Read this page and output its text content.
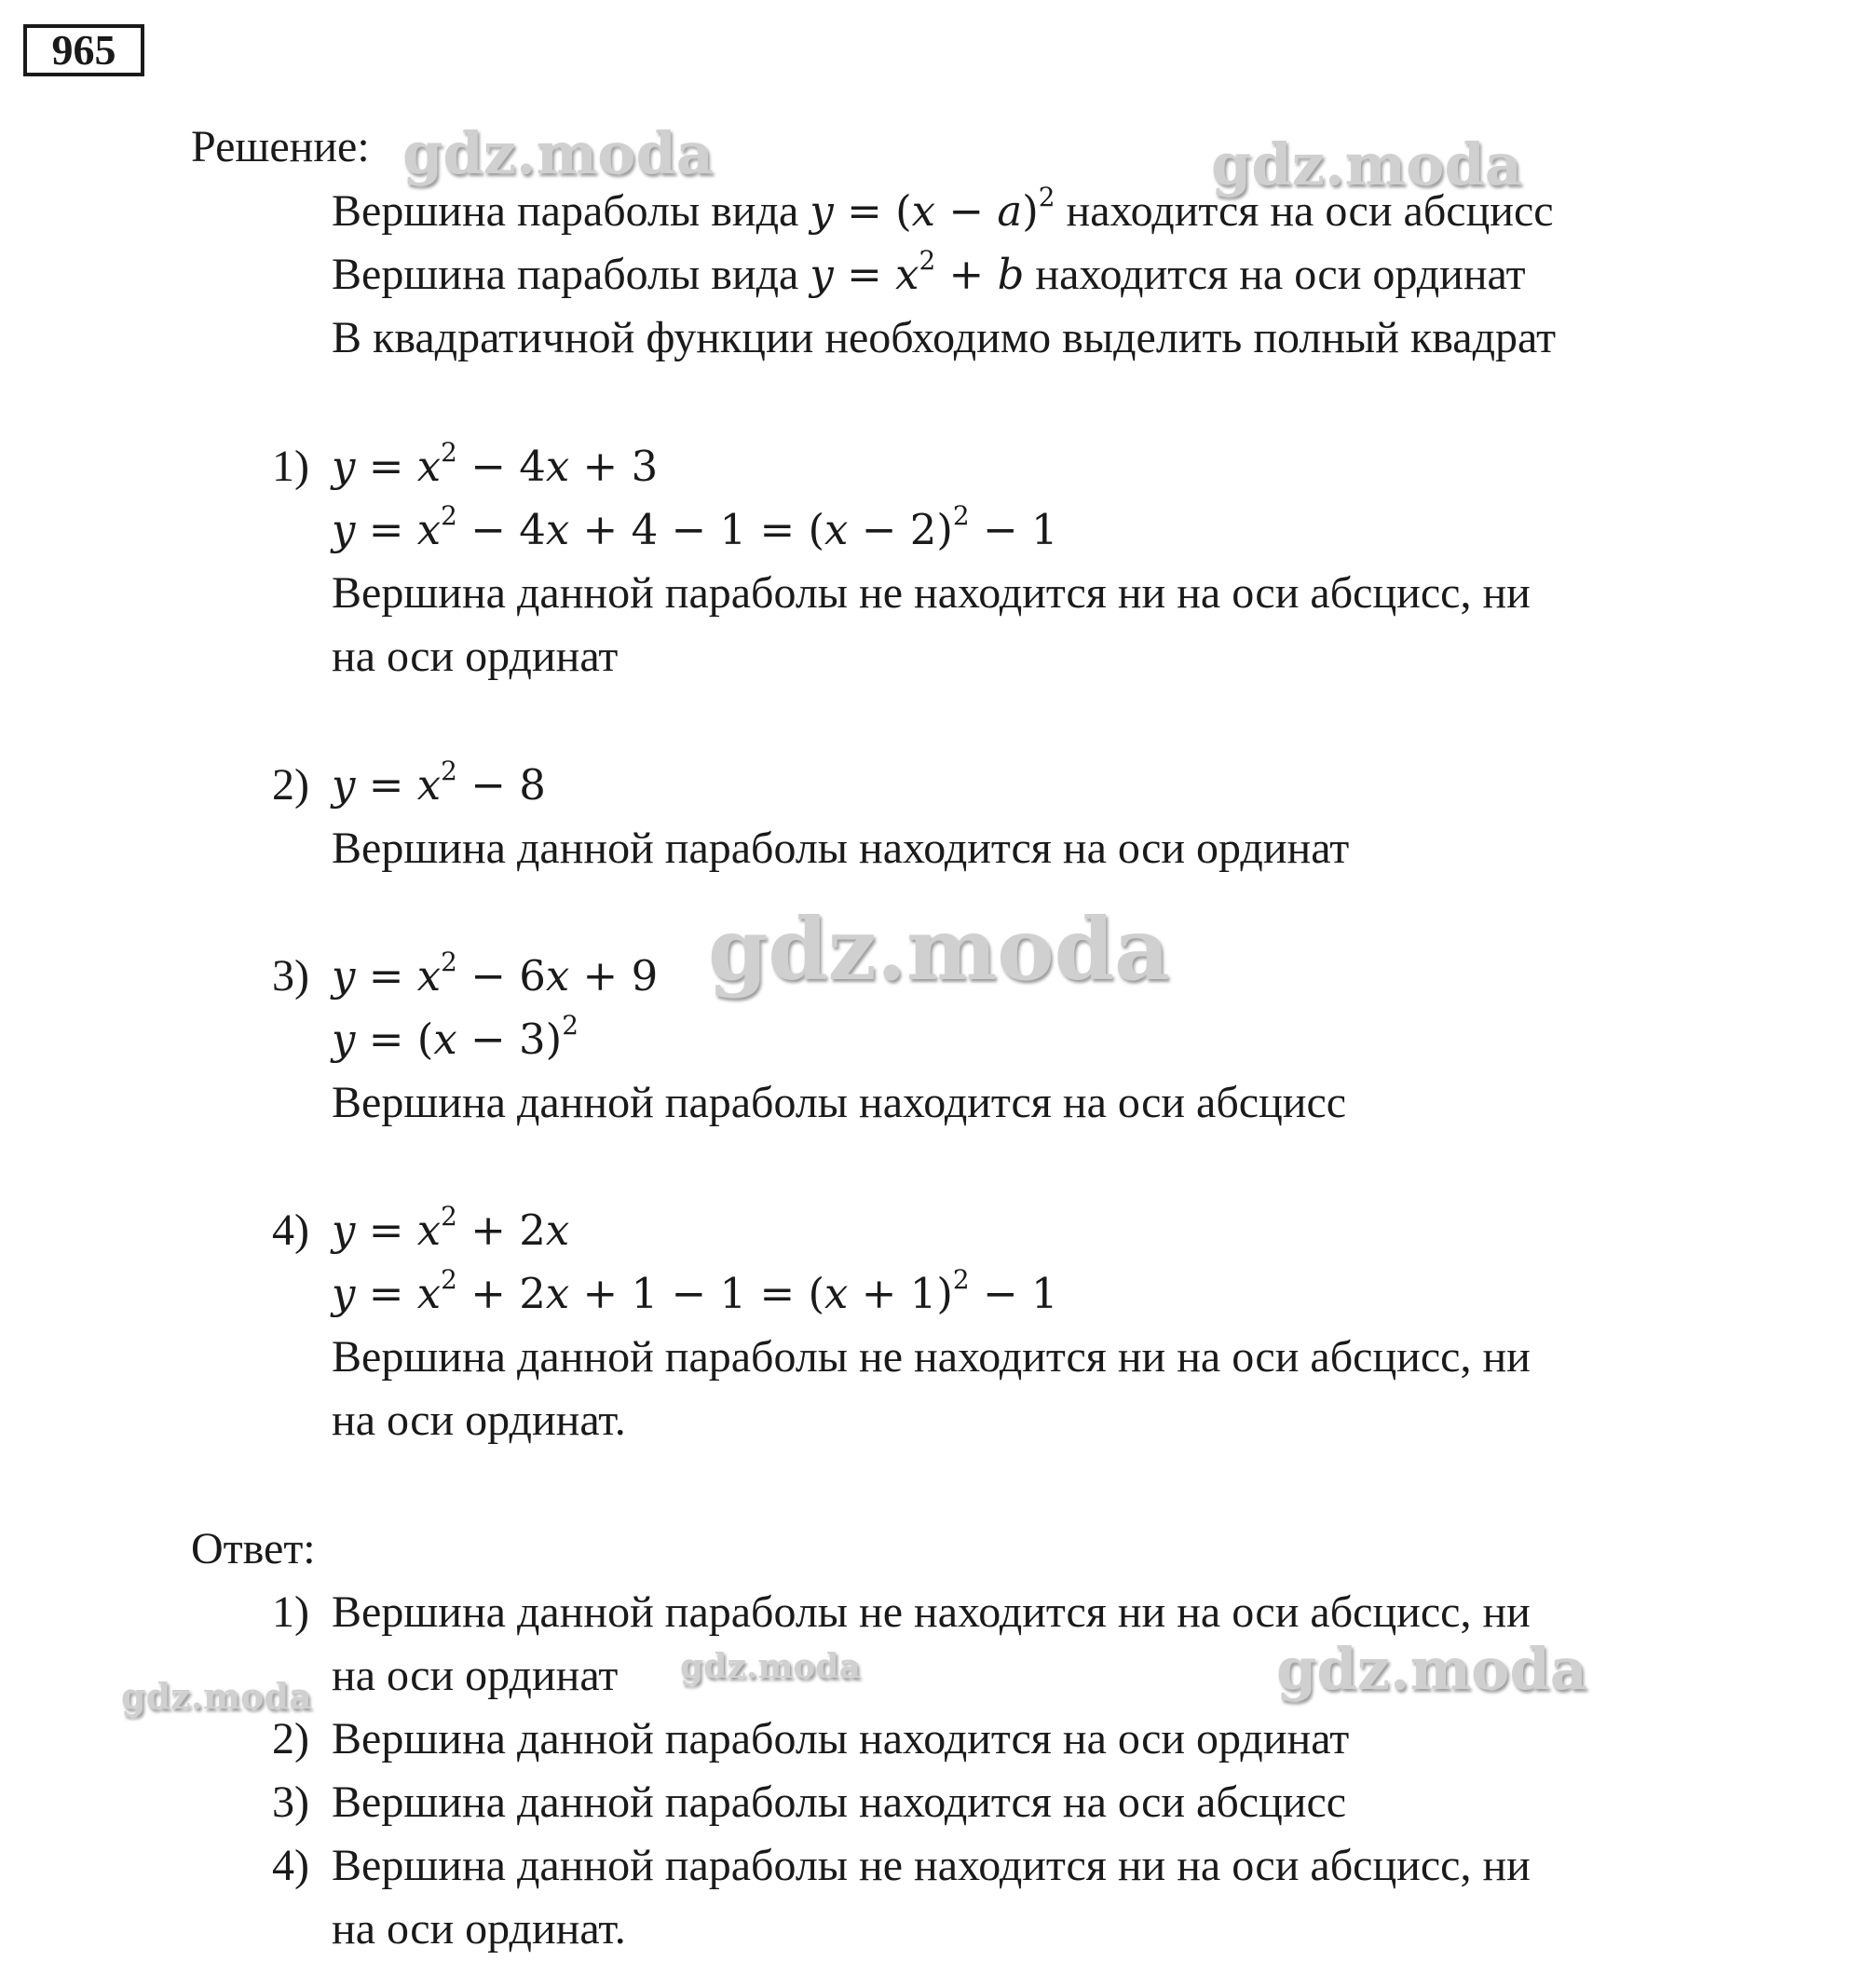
965
Решение:
Вершина параболы вида $y = (x - a)^2$ находится на оси абсцисс
Вершина параболы вида $y = x^2 + b$ находится на оси ординат
В квадратичной функции необходимо выделить полный квадрат
1) $y = x^2 - 4x + 3$
$y = x^2 - 4x + 4 - 1 = (x - 2)^2 - 1$
Вершина данной параболы не находится ни на оси абсцисс, ни
на оси ординат
2) $y = x^2 - 8$
Вершина данной параболы находится на оси ординат
3) $y = x^2 - 6x + 9$
$y = (x - 3)^2$
Вершина данной параболы находится на оси абсцисс
4) $y = x^2 + 2x$
$y = x^2 + 2x + 1 - 1 = (x + 1)^2 - 1$
Вершина данной параболы не находится ни на оси абсцисс, ни
на оси ординат.
Ответ:
1) Вершина данной параболы не находится ни на оси абсцисс, ни
на оси ординат
2) Вершина данной параболы находится на оси ординат
3) Вершина данной параболы находится на оси абсцисс
4) Вершина данной параболы не находится ни на оси абсцисс, ни
на оси ординат.
gdz.moda	gdz.moda
gdz.moda
gdz.moda
gdz.moda	gdz.moda
